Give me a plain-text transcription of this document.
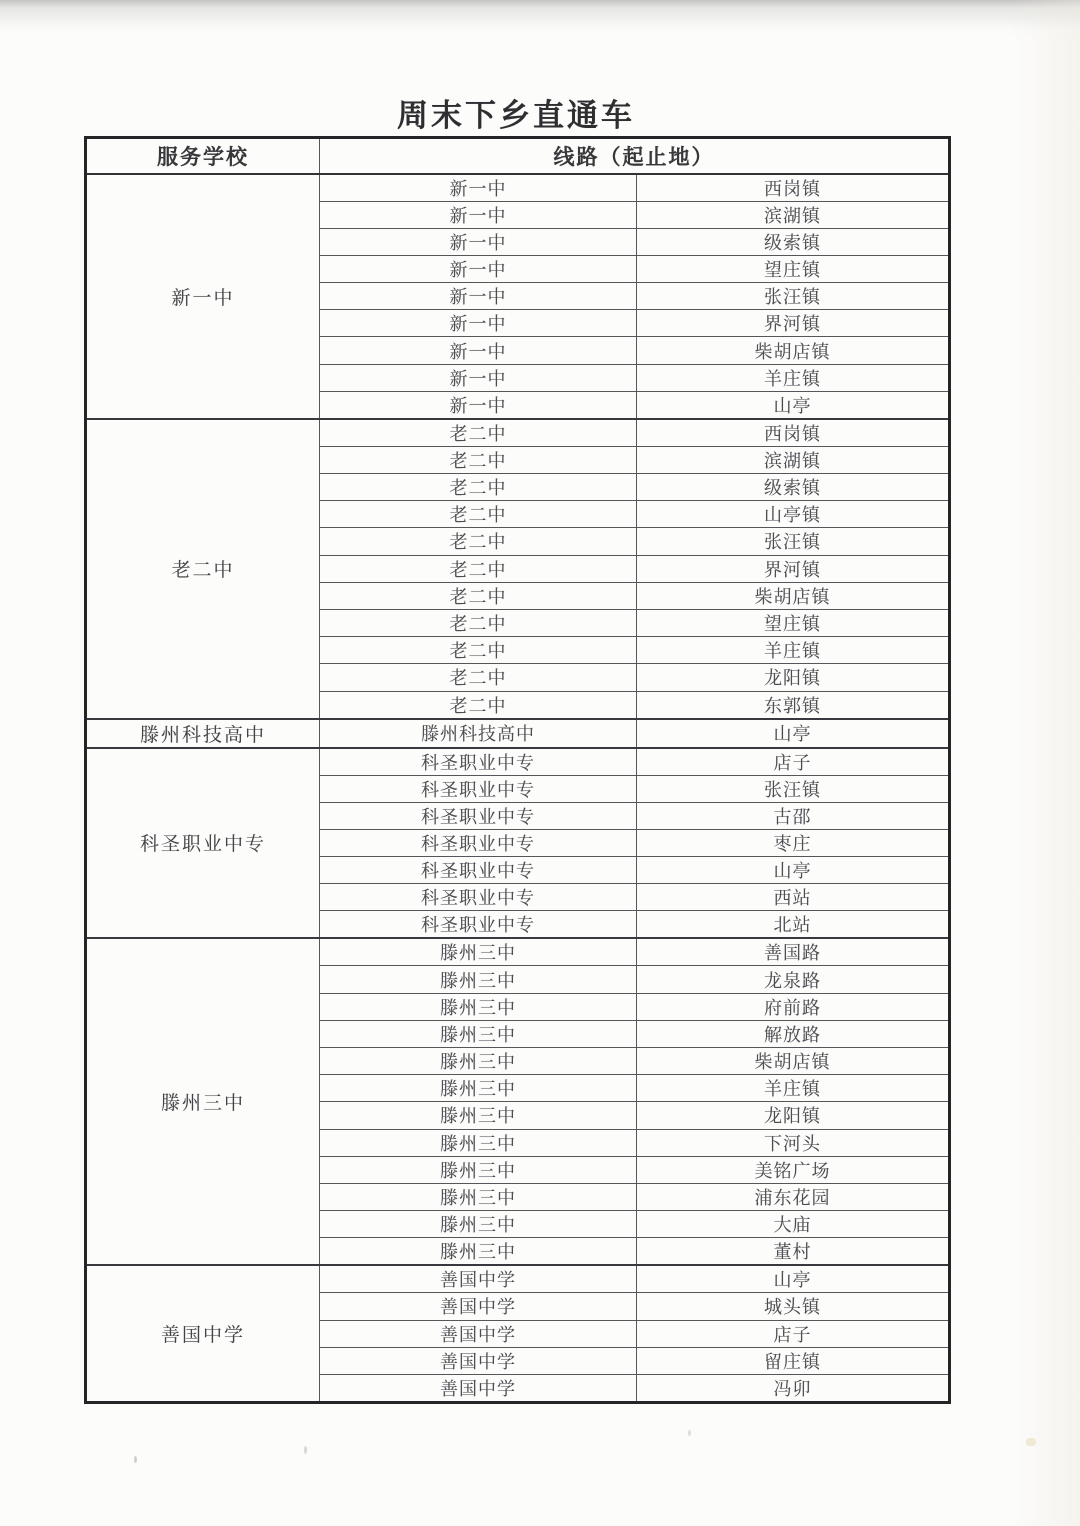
周末下乡直通车
服务学校	线路（起止地）	
新一中	新一中	西岗镇
	新一中	滨湖镇
	新一中	级索镇
	新一中	望庄镇
	新一中	张汪镇
	新一中	界河镇
	新一中	柴胡店镇
	新一中	羊庄镇
	新一中	山亭
老二中	老二中	西岗镇
	老二中	滨湖镇
	老二中	级索镇
	老二中	山亭镇
	老二中	张汪镇
	老二中	界河镇
	老二中	柴胡店镇
	老二中	望庄镇
	老二中	羊庄镇
	老二中	龙阳镇
	老二中	东郭镇
滕州科技高中	滕州科技高中	山亭
科圣职业中专	科圣职业中专	店子
	科圣职业中专	张汪镇
	科圣职业中专	古邵
	科圣职业中专	枣庄
	科圣职业中专	山亭
	科圣职业中专	西站
	科圣职业中专	北站
滕州三中	滕州三中	善国路
	滕州三中	龙泉路
	滕州三中	府前路
	滕州三中	解放路
	滕州三中	柴胡店镇
	滕州三中	羊庄镇
	滕州三中	龙阳镇
	滕州三中	下河头
	滕州三中	美铭广场
	滕州三中	浦东花园
	滕州三中	大庙
	滕州三中	董村
善国中学	善国中学	山亭
	善国中学	城头镇
	善国中学	店子
	善国中学	留庄镇
	善国中学	冯卯
